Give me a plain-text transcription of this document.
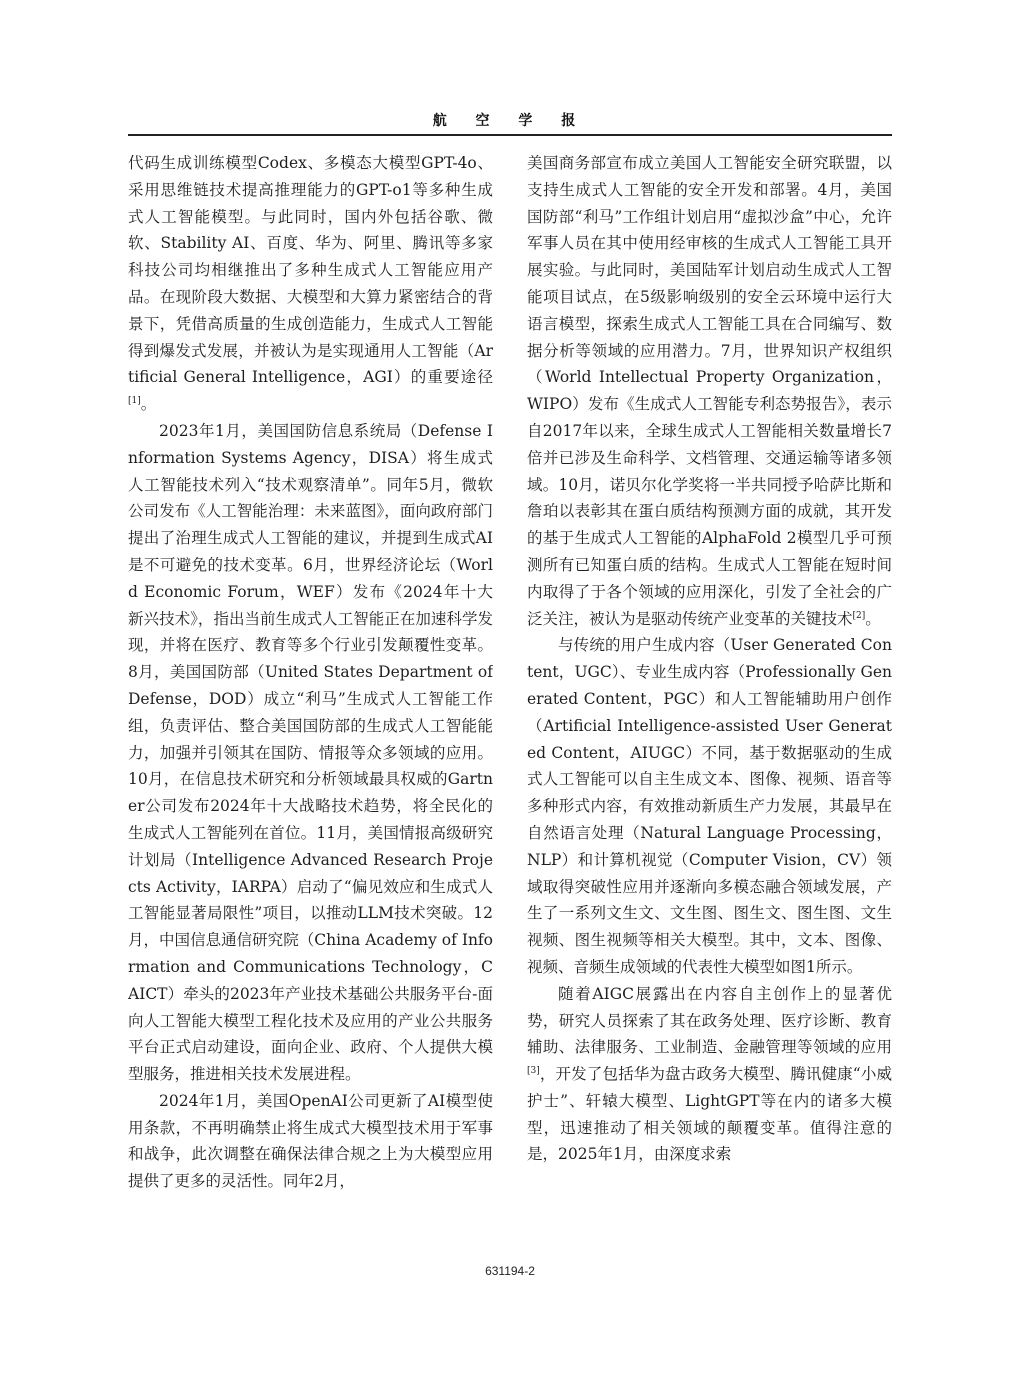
航 空 学 报

代码生成训练模型Codex、多模态大模型GPT-4o、采用思维链技术提高推理能力的GPT-o1等多种生成式人工智能模型。与此同时，国内外包括谷歌、微软、Stability AI、百度、华为、阿里、腾讯等多家科技公司均相继推出了多种生成式人工智能应用产品。在现阶段大数据、大模型和大算力紧密结合的背景下，凭借高质量的生成创造能力，生成式人工智能得到爆发式发展，并被认为是实现通用人工智能（Artificial General Intelligence，AGI）的重要途径[1]。

2023年1月，美国国防信息系统局（Defense Information Systems Agency，DISA）将生成式人工智能技术列入“技术观察清单”。同年5月，微软公司发布《人工智能治理：未来蓝图》，面向政府部门提出了治理生成式人工智能的建议，并提到生成式AI是不可避免的技术变革。6月，世界经济论坛（World Economic Forum，WEF）发布《2024年十大新兴技术》，指出当前生成式人工智能正在加速科学发现，并将在医疗、教育等多个行业引发颠覆性变革。8月，美国国防部（United States Department of Defense，DOD）成立“利马”生成式人工智能工作组，负责评估、整合美国国防部的生成式人工智能能力，加强并引领其在国防、情报等众多领域的应用。10月，在信息技术研究和分析领域最具权威的Gartner公司发布2024年十大战略技术趋势，将全民化的生成式人工智能列在首位。11月，美国情报高级研究计划局（Intelligence Advanced Research Projects Activity，IARPA）启动了“偏见效应和生成式人工智能显著局限性”项目，以推动LLM技术突破。12月，中国信息通信研究院（China Academy of Information and Communications Technology，CAICT）牵头的2023年产业技术基础公共服务平台-面向人工智能大模型工程化技术及应用的产业公共服务平台正式启动建设，面向企业、政府、个人提供大模型服务，推进相关技术发展进程。

2024年1月，美国OpenAI公司更新了AI模型使用条款，不再明确禁止将生成式大模型技术用于军事和战争，此次调整在确保法律合规之上为大模型应用提供了更多的灵活性。同年2月，

美国商务部宣布成立美国人工智能安全研究联盟，以支持生成式人工智能的安全开发和部署。4月，美国国防部“利马”工作组计划启用“虚拟沙盒”中心，允许军事人员在其中使用经审核的生成式人工智能工具开展实验。与此同时，美国陆军计划启动生成式人工智能项目试点，在5级影响级别的安全云环境中运行大语言模型，探索生成式人工智能工具在合同编写、数据分析等领域的应用潜力。7月，世界知识产权组织（World Intellectual Property Organization，WIPO）发布《生成式人工智能专利态势报告》，表示自2017年以来，全球生成式人工智能相关数量增长7倍并已涉及生命科学、文档管理、交通运输等诸多领域。10月，诺贝尔化学奖将一半共同授予哈萨比斯和詹珀以表彰其在蛋白质结构预测方面的成就，其开发的基于生成式人工智能的AlphaFold 2模型几乎可预测所有已知蛋白质的结构。生成式人工智能在短时间内取得了于各个领域的应用深化，引发了全社会的广泛关注，被认为是驱动传统产业变革的关键技术[2]。

与传统的用户生成内容（User Generated Content，UGC）、专业生成内容（Professionally Generated Content，PGC）和人工智能辅助用户创作（Artificial Intelligence-assisted User Generated Content，AIUGC）不同，基于数据驱动的生成式人工智能可以自主生成文本、图像、视频、语音等多种形式内容，有效推动新质生产力发展，其最早在自然语言处理（Natural Language Processing，NLP）和计算机视觉（Computer Vision，CV）领域取得突破性应用并逐渐向多模态融合领域发展，产生了一系列文生文、文生图、图生文、图生图、文生视频、图生视频等相关大模型。其中，文本、图像、视频、音频生成领域的代表性大模型如图1所示。

随着AIGC展露出在内容自主创作上的显著优势，研究人员探索了其在政务处理、医疗诊断、教育辅助、法律服务、工业制造、金融管理等领域的应用[3]，开发了包括华为盘古政务大模型、腾讯健康“小威护士”、轩辕大模型、LightGPT等在内的诸多大模型，迅速推动了相关领域的颠覆变革。值得注意的是，2025年1月，由深度求索

631194-2
